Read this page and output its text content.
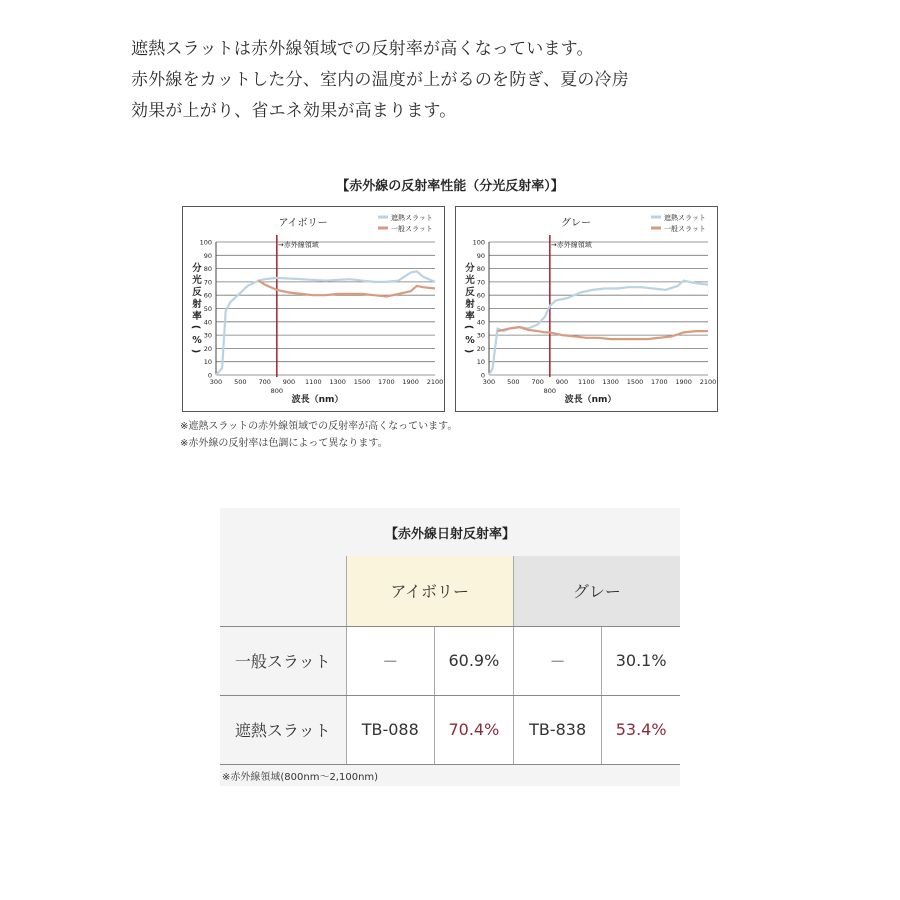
遮熱スラットは赤外線領域での反射率が高くなっています。
赤外線をカットした分、室内の温度が上がるのを防ぎ、夏の冷房
効果が上がり、省エネ効果が高まります。
【赤外線の反射率性能（分光反射率）】
0
10
20
30
40
50
60
70
80
90
100
300 500 700 900 1100 1300 1500 1700 1900 2100
800
分
光
反
射
率
(
%
)
波長（nm）
アイボリー	遮熱スラット
一般スラット
→赤外線領域
0
10
20
30
40
50
60
70
80
90
100
300 500 700 900 1100 1300 1500 1700 1900 2100
800
分
光
反
射
率
(
%
)
波長（nm）
グレー	遮熱スラット
一般スラット
→赤外線領域
※遮熱スラットの赤外線領域での反射率が高くなっています。
※赤外線の反射率は色調によって異なります。
【赤外線日射反射率】
	アイボリー		グレー	
一般スラット	－	60.9%	－	30.1%
遮熱スラット	TB-088	70.4%	TB-838	53.4%
※赤外線領域(800nm～2,100nm)
